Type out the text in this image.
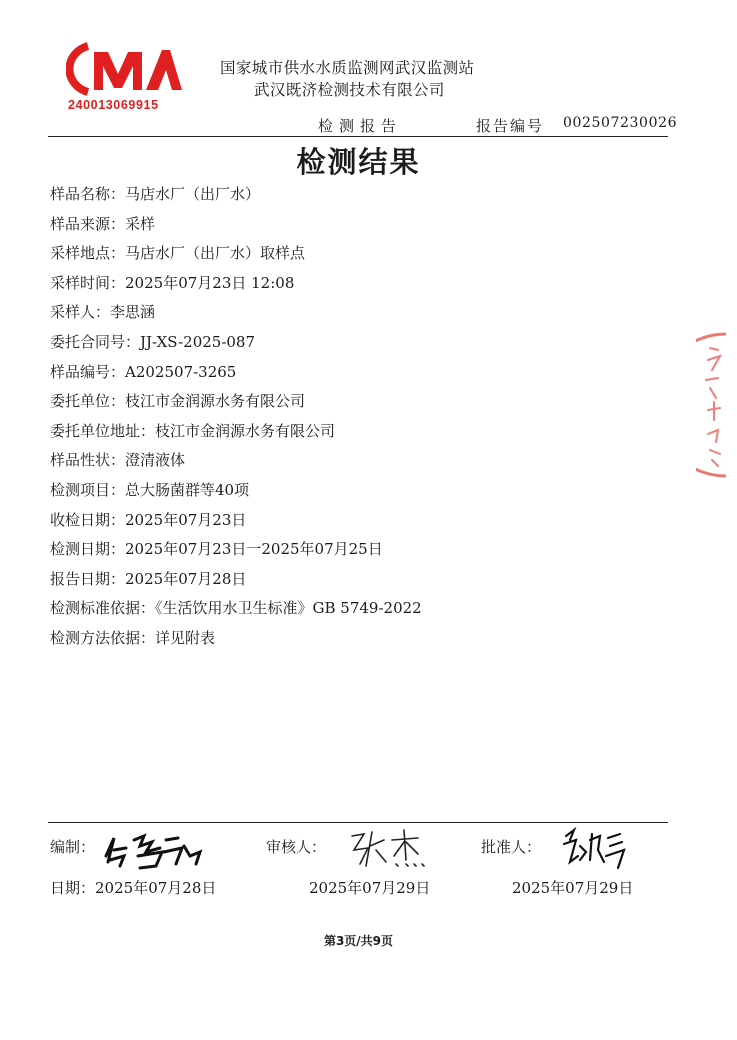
240013069915
国家城市供水水质监测网武汉监测站
武汉既济检测技术有限公司
检测报告	报告编号 002507230026
检测结果
样品名称：马店水厂（出厂水）
样品来源：采样
采样地点：马店水厂（出厂水）取样点
采样时间：2025年07月23日 12:08
采样人：李思涵
委托合同号：JJ-XS-2025-087
样品编号：A202507-3265
委托单位：枝江市金润源水务有限公司
委托单位地址：枝江市金润源水务有限公司
样品性状：澄清液体
检测项目：总大肠菌群等40项
收检日期：2025年07月23日
检测日期：2025年07月23日一2025年07月25日
报告日期：2025年07月28日
检测标准依据：《生活饮用水卫生标准》GB 5749-2022
检测方法依据：详见附表
编制：	审核人：	批准人：
日期：2025年07月28日	2025年07月29日	2025年07月29日
第3页/共9页
